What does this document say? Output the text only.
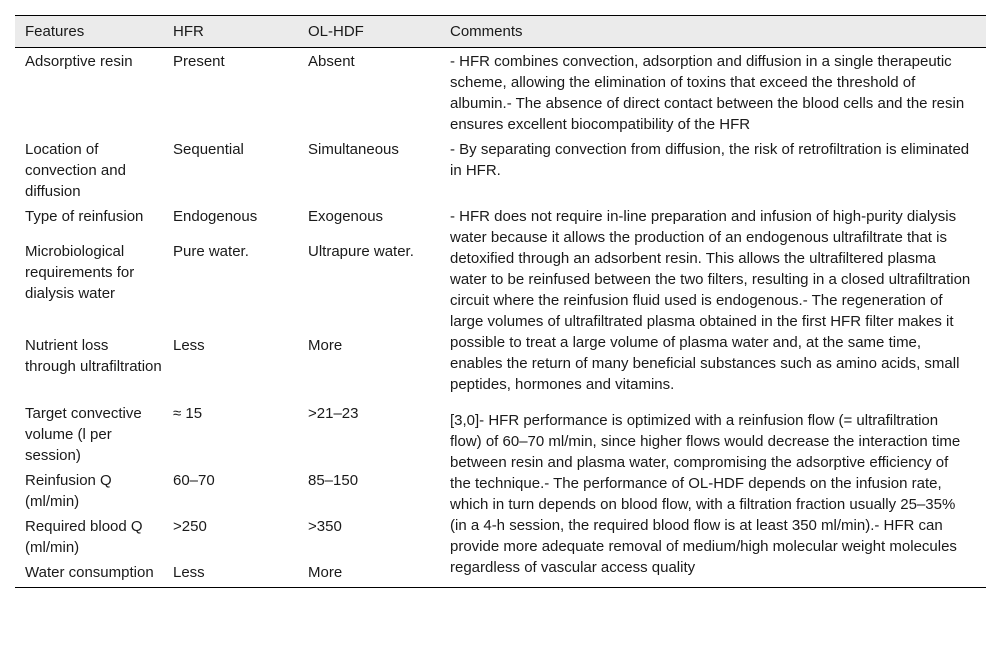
Features	HFR	OL-HDF	Comments
Adsorptive resin	Present	Absent	- HFR combines convection, adsorption and diffusion in a single therapeutic scheme, allowing the elimination of toxins that exceed the threshold of albumin.- The absence of direct contact between the blood cells and the resin ensures excellent biocompatibility of the HFR
Location of convection and diffusion	Sequential	Simultaneous	- By separating convection from diffusion, the risk of retrofiltration is eliminated in HFR.
Type of reinfusion	Endogenous	Exogenous	- HFR does not require in-line preparation and infusion of high-purity dialysis water because it allows the production of an endogenous ultrafiltrate that is detoxified through an adsorbent resin. This allows the ultrafiltered plasma water to be reinfused between the two filters, resulting in a closed ultrafiltration circuit where the reinfusion fluid used is endogenous.- The regeneration of large volumes of ultrafiltrated plasma obtained in the first HFR filter makes it possible to treat a large volume of plasma water and, at the same time, enables the return of many beneficial substances such as amino acids, small peptides, hormones and vitamins.
Microbiological requirements for dialysis water	Pure water.	Ultrapure water.	
Nutrient loss through ultrafiltration	Less	More	
Target convective volume (l per session)	≈ 15	>21–23	[3,0]- HFR performance is optimized with a reinfusion flow (= ultrafiltration flow) of 60–70 ml/min, since higher flows would decrease the interaction time between resin and plasma water, compromising the adsorptive efficiency of the technique.- The performance of OL-HDF depends on the infusion rate, which in turn depends on blood flow, with a filtration fraction usually 25–35% (in a 4-h session, the required blood flow is at least 350 ml/min).- HFR can provide more adequate removal of medium/high molecular weight molecules regardless of vascular access quality
Reinfusion Q (ml/min)	60–70	85–150	
Required blood Q (ml/min)	>250	>350	
Water consumption	Less	More	
